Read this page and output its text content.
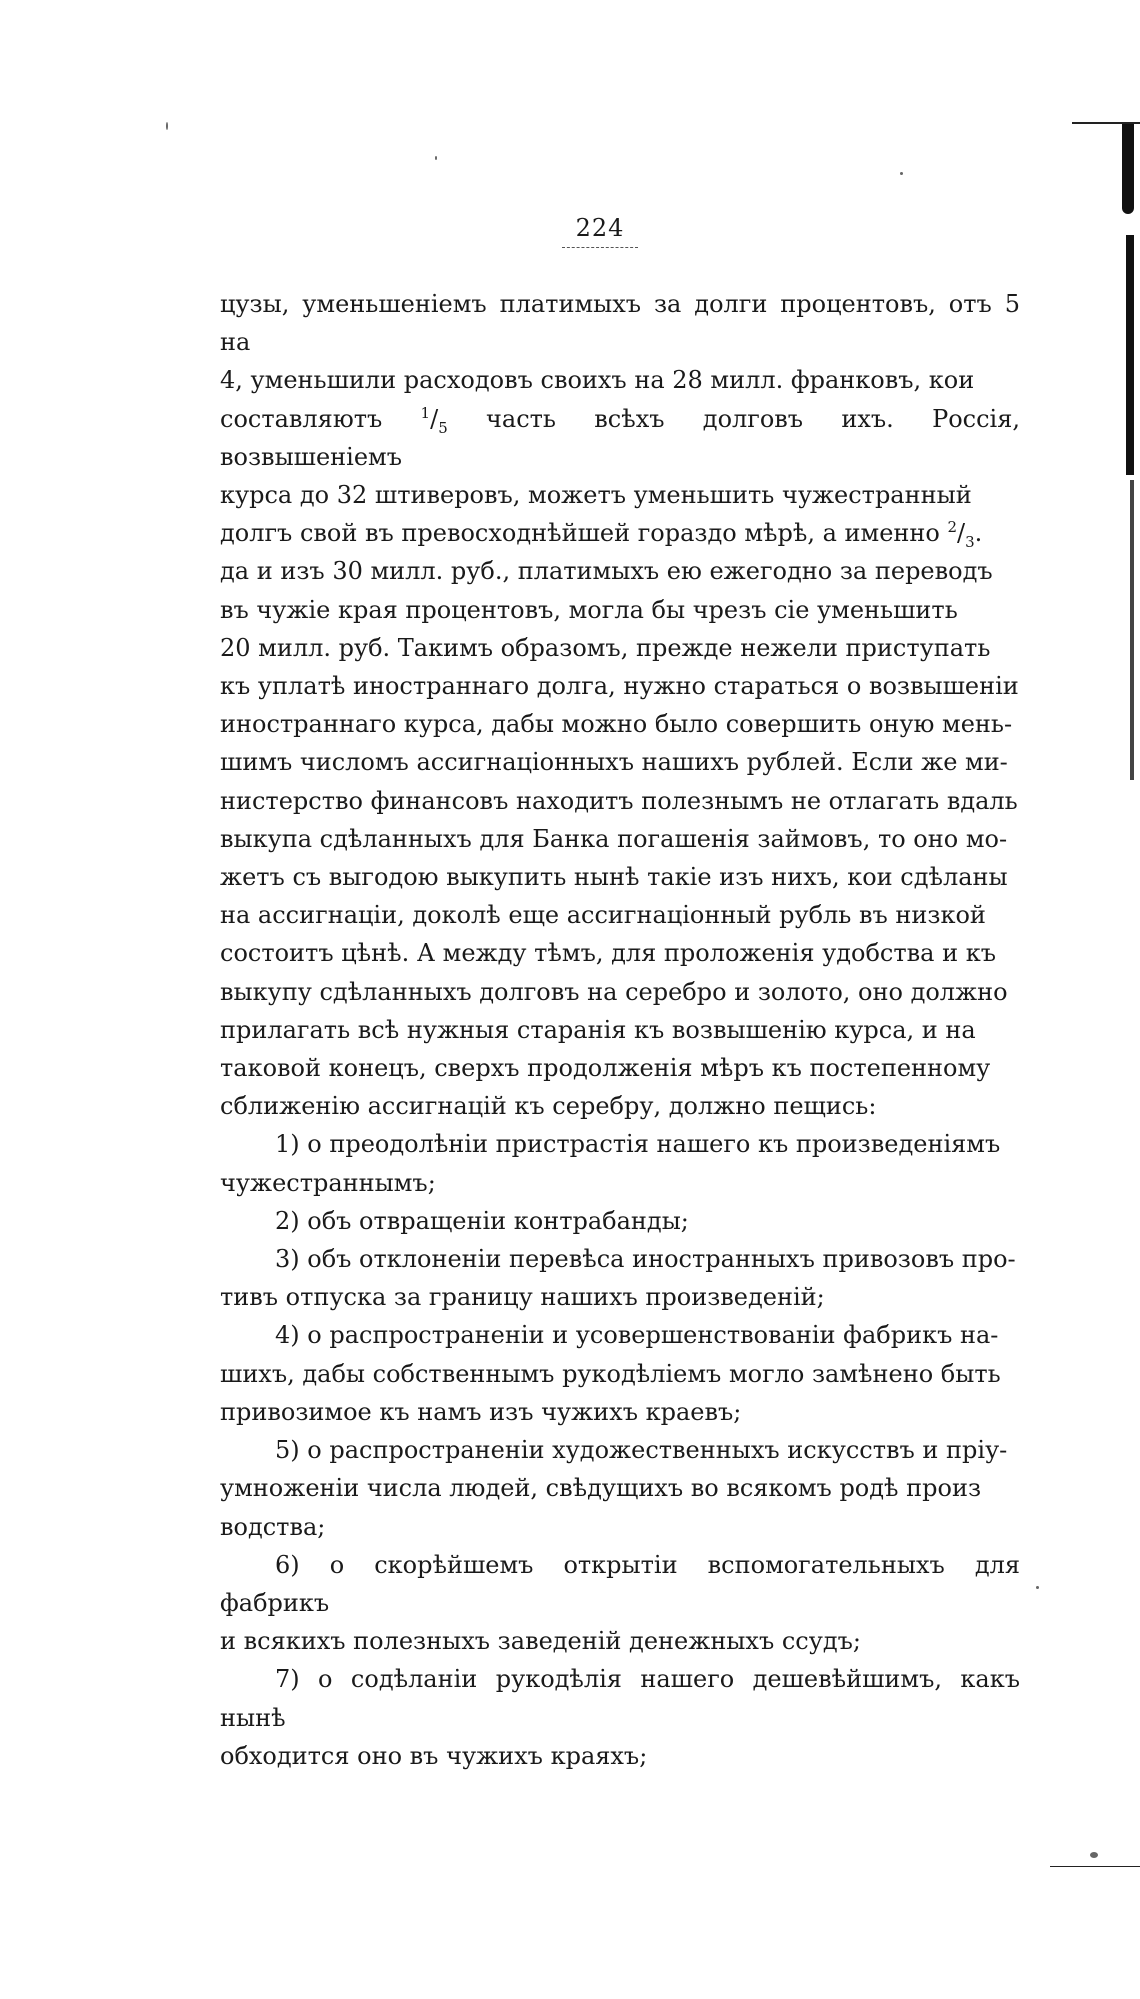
224

цузы, уменьшеніемъ платимыхъ за долги процентовъ, отъ 5 на

4, уменьшили расходовъ своихъ на 28 милл. франковъ, кои

составляютъ $^1/_5$ часть всѣхъ долговъ ихъ. Россія, возвышеніемъ

курса до 32 штиверовъ, можетъ уменьшить чужестранный

долгъ свой въ превосходнѣйшей гораздо мѣрѣ, а именно $^2/_3$.

да и изъ 30 милл. руб., платимыхъ ею ежегодно за переводъ

въ чужіе края процентовъ, могла бы чрезъ сіе уменьшить

20 милл. руб. Такимъ образомъ, прежде нежели приступать

къ уплатѣ иностраннаго долга, нужно стараться о возвышеніи

иностраннаго курса, дабы можно было совершить оную мень-

шимъ числомъ ассигнаціонныхъ нашихъ рублей. Если же ми-

нистерство финансовъ находитъ полезнымъ не отлагать вдаль

выкупа сдѣланныхъ для Банка погашенія займовъ, то оно мо-

жетъ съ выгодою выкупить нынѣ такіе изъ нихъ, кои сдѣланы

на ассигнаціи, доколѣ еще ассигнаціонный рубль въ низкой

состоитъ цѣнѣ. А между тѣмъ, для проложенія удобства и къ

выкупу сдѣланныхъ долговъ на серебро и золото, оно должно

прилагать всѣ нужныя старанія къ возвышенію курса, и на

таковой конецъ, сверхъ продолженія мѣръ къ постепенному

сближенію ассигнацій къ серебру, должно пещись:

1) о преодолѣніи пристрастія нашего къ произведеніямъ
чужестраннымъ;

2) объ отвращеніи контрабанды;

3) объ отклоненіи перевѣса иностранныхъ привозовъ про-
тивъ отпуска за границу нашихъ произведеній;

4) о распространеніи и усовершенствованіи фабрикъ на-
шихъ, дабы собственнымъ рукодѣліемъ могло замѣнено быть
привозимое къ намъ изъ чужихъ краевъ;

5) о распространеніи художественныхъ искусствъ и пріу-
умноженіи числа людей, свѣдущихъ во всякомъ родѣ произ
водства;

6) о скорѣйшемъ открытіи вспомогательныхъ для фабрикъ
и всякихъ полезныхъ заведеній денежныхъ ссудъ;

7) о содѣланіи рукодѣлія нашего дешевѣйшимъ, какъ нынѣ
обходится оно въ чужихъ краяхъ;
